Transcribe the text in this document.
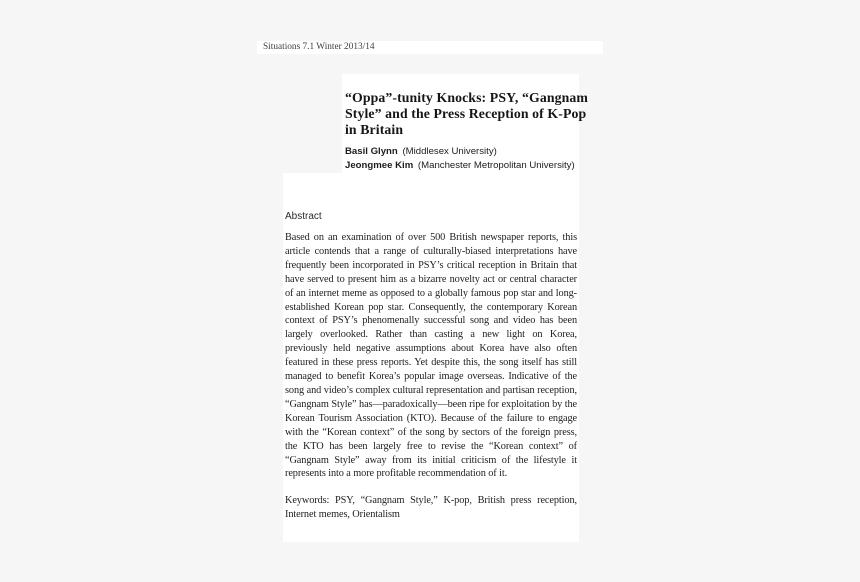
Situations 7.1 Winter 2013/14
“Oppa”-tunity Knocks: PSY, “Gangnam
Style” and the Press Reception of K-Pop
in Britain
Basil Glynn (Middlesex University)
Jeongmee Kim (Manchester Metropolitan University)
Abstract
Based on an examination of over 500 British newspaper reports, this article contends that a range of culturally-biased interpretations have frequently been incorporated in PSY’s critical reception in Britain that have served to present him as a bizarre novelty act or central character of an internet meme as opposed to a globally famous pop star and long-established Korean pop star. Consequently, the contemporary Korean context of PSY’s phenomenally successful song and video has been largely overlooked. Rather than casting a new light on Korea, previously held negative assumptions about Korea have also often featured in these press reports. Yet despite this, the song itself has still managed to benefit Korea’s popular image overseas. Indicative of the song and video’s complex cultural representation and partisan reception, “Gangnam Style” has—paradoxically—been ripe for exploitation by the Korean Tourism Association (KTO). Because of the failure to engage with the “Korean context” of the song by sectors of the foreign press, the KTO has been largely free to revise the “Korean context” of “Gangnam Style” away from its initial criticism of the lifestyle it represents into a more profitable recommendation of it.
Keywords: PSY, “Gangnam Style,” K-pop, British press reception, Internet memes, Orientalism
